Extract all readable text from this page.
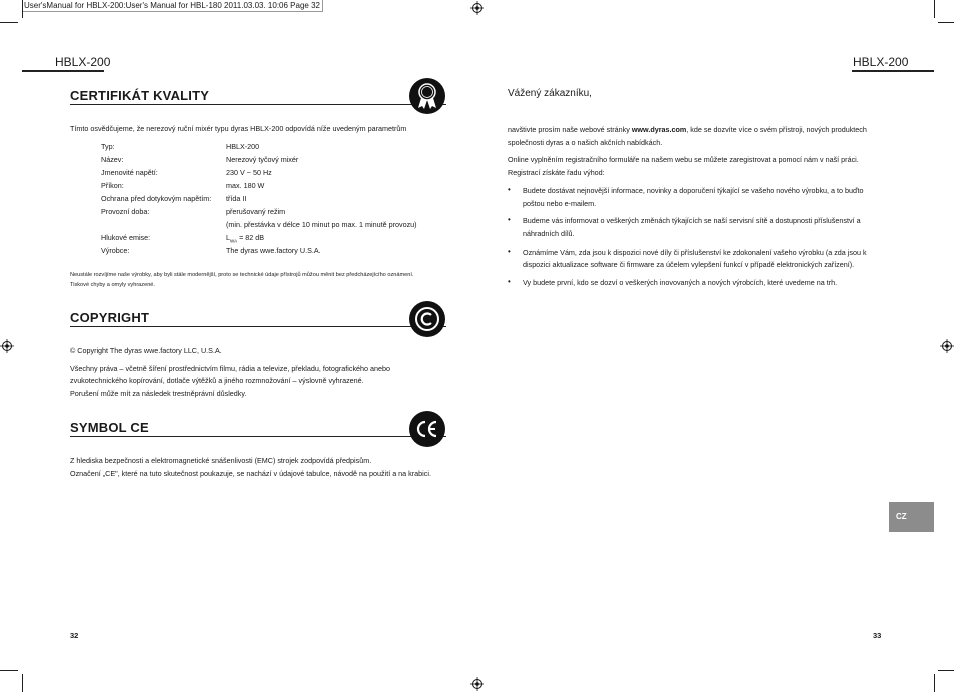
User'sManual for HBLX-200:User's Manual for HBL-180 2011.03.03. 10:06 Page 32
HBLX-200
CERTIFIKÁT KVALITY
Tímto osvědčujeme, že nerezový ruční mixér typu dyras HBLX-200 odpovídá níže uvedeným parametrům
Typ:	HBLX-200
Název:	Nerezový tyčový mixér
Jmenovité napětí:	230 V ~ 50 Hz
Příkon:	max. 180 W
Ochrana před dotykovým napětím: třída II
Provozní doba:	přerušovaný režim
(min. přestávka v délce 10 minut po max. 1 minutě provozu)
Hlukové emise:	$L_{WA} = 82$ dB
Výrobce:	The dyras wwe.factory U.S.A.
Neustále rozvíjíme naše výrobky, aby byli stále modernější, proto se technické údaje přístrojů můžou měnit bez předcházejícího oznámení.
Tiskové chyby a omyly vyhrazené.
COPYRIGHT
© Copyright The dyras wwe.factory LLC, U.S.A.
Všechny práva – včetně šíření prostřednictvím filmu, rádia a televize, překladu, fotografického anebo
zvukotechnického kopírování, dotlače výtěžků a jiného rozmnožování – výslovně vyhrazené.
Porušení může mít za následek trestněprávní důsledky.
SYMBOL CE
Z hlediska bezpečnosti a elektromagnetické snášenlivosti (EMC) strojek zodpovídá předpisům.
Označení „CE", které na tuto skutečnost poukazuje, se nachází v údajové tabulce, návodě na použití a na krabici.
32
HBLX-200
Vážený zákazníku,
navštivte prosím naše webové stránky www.dyras.com, kde se dozvíte více o svém přístroji, nových produktech
společnosti dyras a o našich akčních nabídkách.
Online vyplněním registračního formuláře na našem webu se můžete zaregistrovat a pomocí nám v naší práci.
Registrací získáte řadu výhod:
• Budete dostávat nejnovější informace, novinky a doporučení týkající se vašeho nového výrobku, a to buďto
poštou nebo e-mailem.
• Budeme vás informovat o veškerých změnách týkajících se naší servisní sítě a dostupnosti příslušenství a
náhradních dílů.
• Oznámíme Vám, zda jsou k dispozici nové díly či příslušenství ke zdokonalení vašeho výrobku (a zda jsou k
dispozici aktualizace software či firmware za účelem vylepšení funkcí v případě elektronických zařízení).
• Vy budete první, kdo se dozví o veškerých inovovaných a nových výrobcích, které uvedeme na trh.
CZ
33
